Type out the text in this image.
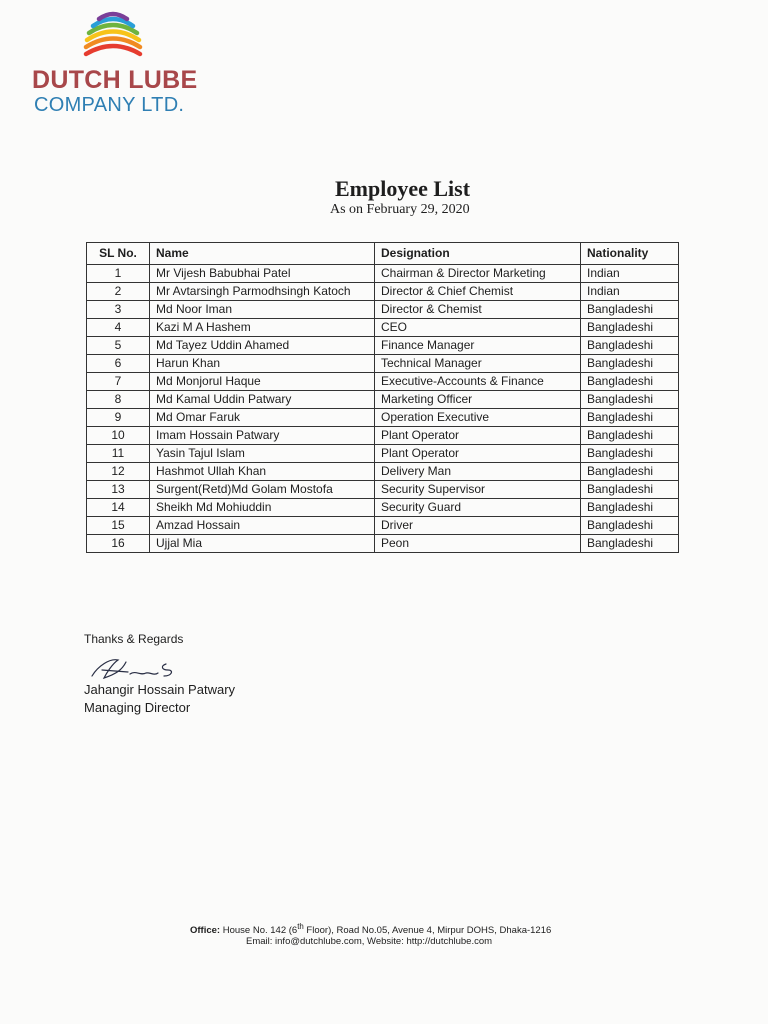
DUTCH LUBE
COMPANY LTD.
Employee List
As on February 29, 2020
SL No.	Name	Designation	Nationality
1	Mr Vijesh Babubhai Patel	Chairman & Director Marketing	Indian
2	Mr Avtarsingh Parmodhsingh Katoch	Director & Chief Chemist	Indian
3	Md Noor Iman	Director & Chemist	Bangladeshi
4	Kazi M A Hashem	CEO	Bangladeshi
5	Md Tayez Uddin Ahamed	Finance Manager	Bangladeshi
6	Harun Khan	Technical Manager	Bangladeshi
7	Md Monjorul Haque	Executive-Accounts & Finance	Bangladeshi
8	Md Kamal Uddin Patwary	Marketing Officer	Bangladeshi
9	Md Omar Faruk	Operation Executive	Bangladeshi
10	Imam Hossain Patwary	Plant Operator	Bangladeshi
11	Yasin Tajul Islam	Plant Operator	Bangladeshi
12	Hashmot Ullah Khan	Delivery Man	Bangladeshi
13	Surgent(Retd)Md Golam Mostofa	Security Supervisor	Bangladeshi
14	Sheikh Md Mohiuddin	Security Guard	Bangladeshi
15	Amzad Hossain	Driver	Bangladeshi
16	Ujjal Mia	Peon	Bangladeshi
Thanks & Regards
Jahangir Hossain Patwary
Managing Director
Office: House No. 142 (6th Floor), Road No.05, Avenue 4, Mirpur DOHS, Dhaka-1216
Email: info@dutchlube.com, Website: http://dutchlube.com
